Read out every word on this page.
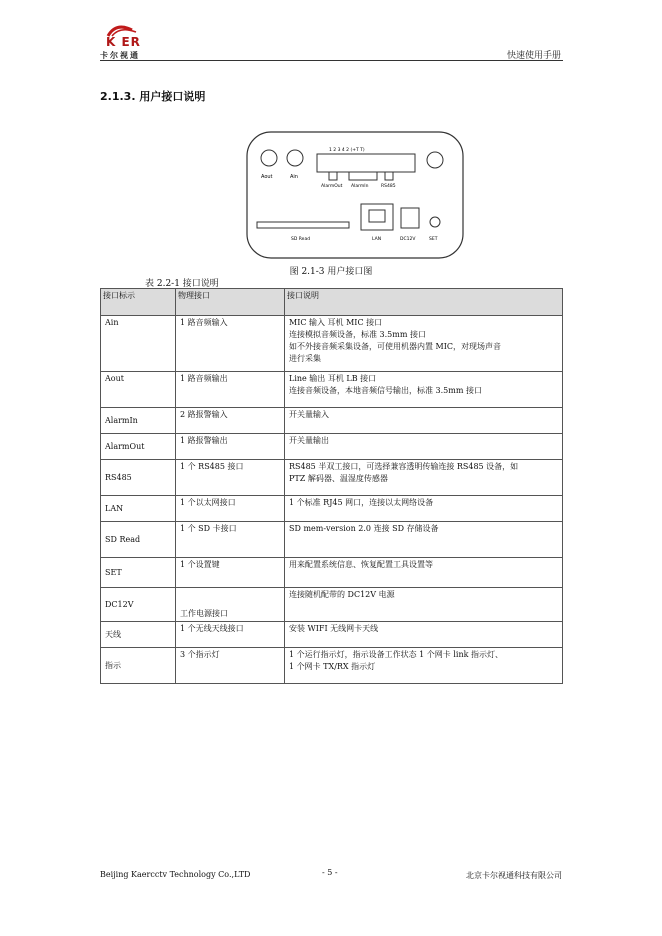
K ER
卡尔视通	快速使用手册
2.1.3. 用户接口说明
Aout	Ain
1 2 3 4 2 (+T T)
AlarmOut AlarmIn	RS485
SD Read	LAN	DC12V	SET
图 2.1-3 用户接口图
表 2.2-1 接口说明
接口标示	物理接口	接口说明
Ain	1 路音频输入	MIC 输入 耳机 MIC 接口
连接模拟音频设备，标准 3.5mm 接口
如不外接音频采集设备，可使用机器内置 MIC，对现场声音
进行采集

Aout	1 路音频输出	Line 输出 耳机 LB 接口
连接音频设备，本地音频信号输出，标准 3.5mm 接口

AlarmIn	2 路报警输入	开关量输入

AlarmOut	1 路报警输出	开关量输出

RS485	1 个 RS485 接口	RS485 半双工接口，可选择兼容透明传输连接 RS485 设备，如
PTZ 解码器、温湿度传感器

LAN	1 个以太网接口	1 个标准 RJ45 网口，连接以太网络设备

SD Read	1 个 SD 卡接口	SD mem-version 2.0 连接 SD 存储设备

SET	1 个设置键	用来配置系统信息、恢复配置工具设置等

DC12V	工作电源接口	连接随机配带的 DC12V 电源

天线	1 个无线天线接口	安装 WIFI 无线网卡天线

指示	3 个指示灯	1 个运行指示灯，指示设备工作状态 1 个网卡 link 指示灯、
1 个网卡 TX/RX 指示灯
Beijing Kaercctv Technology Co.,LTD	- 5 -	北京卡尔视通科技有限公司
